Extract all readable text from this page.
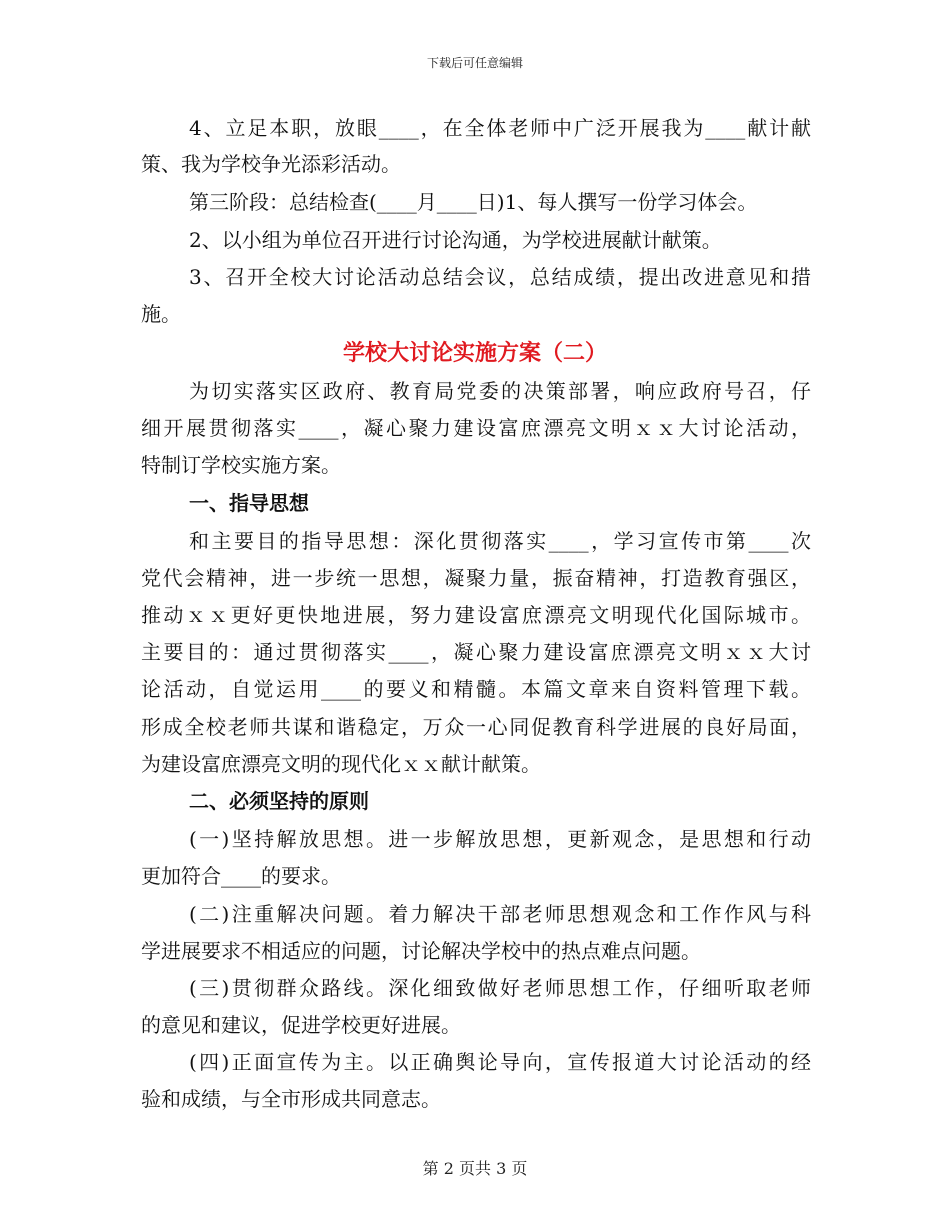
下载后可任意编辑
4、立足本职，放眼____，在全体老师中广泛开展我为____献计献
策、我为学校争光添彩活动。
第三阶段：总结检查(____月____日)1、每人撰写一份学习体会。
2、以小组为单位召开进行讨论沟通，为学校进展献计献策。
3、召开全校大讨论活动总结会议，总结成绩，提出改进意见和措
施。
学校大讨论实施方案（二）
为切实落实区政府、教育局党委的决策部署，响应政府号召，仔
细开展贯彻落实____，凝心聚力建设富庶漂亮文明ｘｘ大讨论活动，
特制订学校实施方案。
一、指导思想
和主要目的指导思想：深化贯彻落实____，学习宣传市第____次
党代会精神，进一步统一思想，凝聚力量，振奋精神，打造教育强区，
推动ｘｘ更好更快地进展，努力建设富庶漂亮文明现代化国际城市。
主要目的：通过贯彻落实____，凝心聚力建设富庶漂亮文明ｘｘ大讨
论活动，自觉运用____的要义和精髓。本篇文章来自资料管理下载。
形成全校老师共谋和谐稳定，万众一心同促教育科学进展的良好局面，
为建设富庶漂亮文明的现代化ｘｘ献计献策。
二、必须坚持的原则
(一)坚持解放思想。进一步解放思想，更新观念，是思想和行动
更加符合____的要求。
(二)注重解决问题。着力解决干部老师思想观念和工作作风与科
学进展要求不相适应的问题，讨论解决学校中的热点难点问题。
(三)贯彻群众路线。深化细致做好老师思想工作，仔细听取老师
的意见和建议，促进学校更好进展。
(四)正面宣传为主。以正确舆论导向，宣传报道大讨论活动的经
验和成绩，与全市形成共同意志。
第 2 页共 3 页
